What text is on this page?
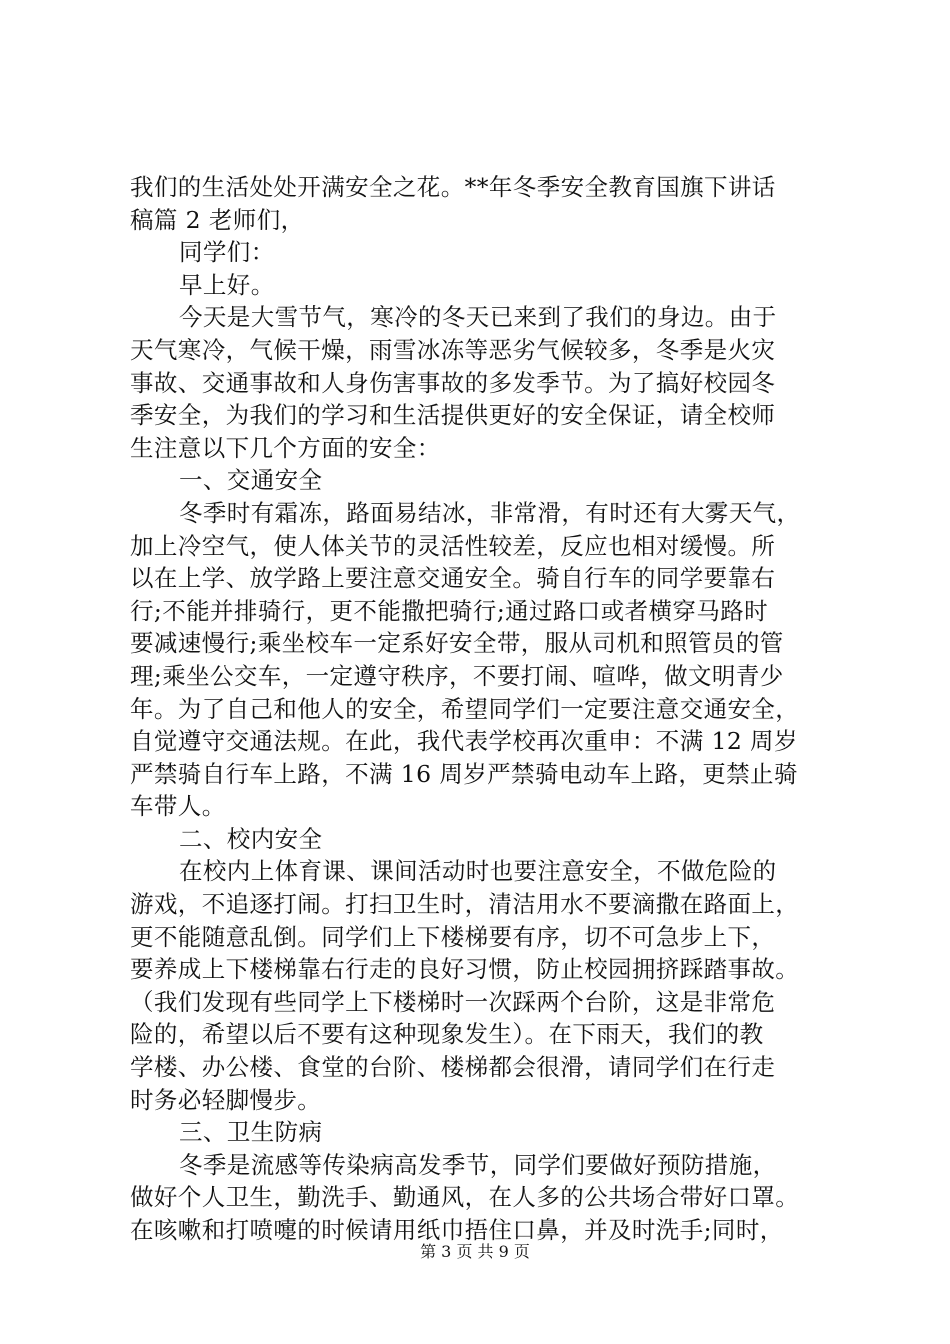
我们的生活处处开满安全之花。**年冬季安全教育国旗下讲话
稿篇 2 老师们，
同学们：
早上好。
今天是大雪节气，寒冷的冬天已来到了我们的身边。由于
天气寒冷，气候干燥，雨雪冰冻等恶劣气候较多，冬季是火灾
事故、交通事故和人身伤害事故的多发季节。为了搞好校园冬
季安全，为我们的学习和生活提供更好的安全保证，请全校师
生注意以下几个方面的安全：
一、交通安全
冬季时有霜冻，路面易结冰，非常滑，有时还有大雾天气，
加上冷空气，使人体关节的灵活性较差，反应也相对缓慢。所
以在上学、放学路上要注意交通安全。骑自行车的同学要靠右
行;不能并排骑行，更不能撒把骑行;通过路口或者横穿马路时
要减速慢行;乘坐校车一定系好安全带，服从司机和照管员的管
理;乘坐公交车，一定遵守秩序，不要打闹、喧哗，做文明青少
年。为了自己和他人的安全，希望同学们一定要注意交通安全，
自觉遵守交通法规。在此，我代表学校再次重申：不满 12 周岁
严禁骑自行车上路，不满 16 周岁严禁骑电动车上路，更禁止骑
车带人。
二、校内安全
在校内上体育课、课间活动时也要注意安全，不做危险的
游戏，不追逐打闹。打扫卫生时，清洁用水不要滴撒在路面上，
更不能随意乱倒。同学们上下楼梯要有序，切不可急步上下，
要养成上下楼梯靠右行走的良好习惯，防止校园拥挤踩踏事故。
（我们发现有些同学上下楼梯时一次踩两个台阶，这是非常危
险的，希望以后不要有这种现象发生）。在下雨天，我们的教
学楼、办公楼、食堂的台阶、楼梯都会很滑，请同学们在行走
时务必轻脚慢步。
三、卫生防病
冬季是流感等传染病高发季节，同学们要做好预防措施，
做好个人卫生，勤洗手、勤通风，在人多的公共场合带好口罩。
在咳嗽和打喷嚏的时候请用纸巾捂住口鼻，并及时洗手;同时，
第 3 页 共 9 页
